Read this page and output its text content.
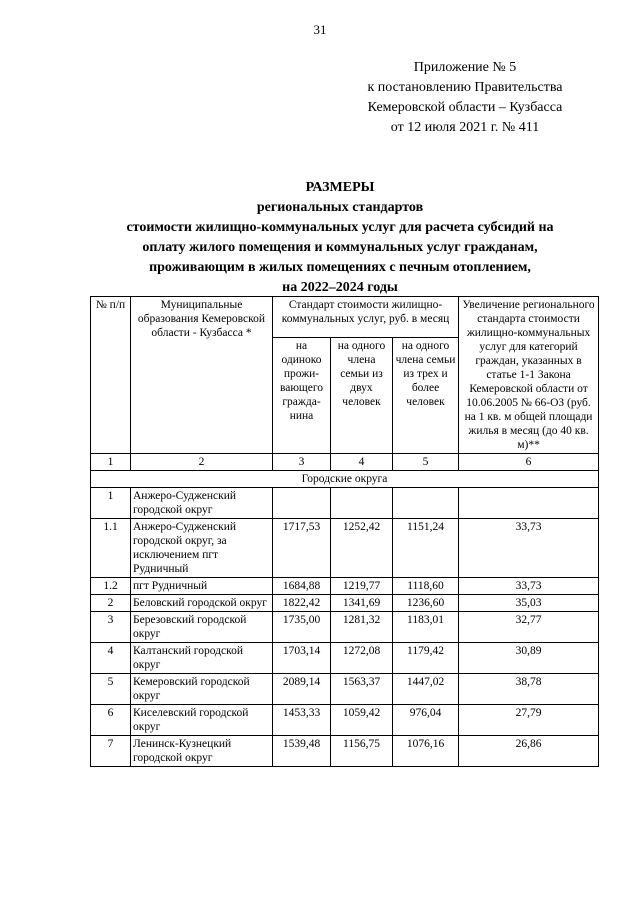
31
Приложение № 5
к постановлению Правительства
Кемеровской области – Кузбасса
от 12 июля 2021 г. № 411
РАЗМЕРЫ
региональных стандартов
стоимости жилищно-коммунальных услуг для расчета субсидий на
оплату жилого помещения и коммунальных услуг гражданам,
проживающим в жилых помещениях с печным отоплением,
на 2022–2024 годы
№ п/п	Муниципальные образования Кемеровской области - Кузбасса *	Стандарт стоимости жилищно-коммунальных услуг, руб. в месяц			Увеличение регионального стандарта стоимости жилищно-коммунальных услуг для категорий граждан, указанных в статье 1-1 Закона Кемеровской области от 10.06.2005 № 66-ОЗ (руб. на 1 кв. м общей площади жилья в месяц (до 40 кв. м)**
		на одиноко прожи-вающего гражда-нина	на одного члена семьи из двух человек	на одного члена семьи из трех и более человек	
1	2	3	4	5	6
Городские округа					
1	Анжеро-Судженский городской округ				
1.1	Анжеро-Судженский городской округ, за исключением пгт Рудничный	1717,53	1252,42	1151,24	33,73
1.2	пгт Рудничный	1684,88	1219,77	1118,60	33,73
2	Беловский городской округ	1822,42	1341,69	1236,60	35,03
3	Березовский городской округ	1735,00	1281,32	1183,01	32,77
4	Калтанский городской округ	1703,14	1272,08	1179,42	30,89
5	Кемеровский городской округ	2089,14	1563,37	1447,02	38,78
6	Киселевский городской округ	1453,33	1059,42	976,04	27,79
7	Ленинск-Кузнецкий городской округ	1539,48	1156,75	1076,16	26,86
